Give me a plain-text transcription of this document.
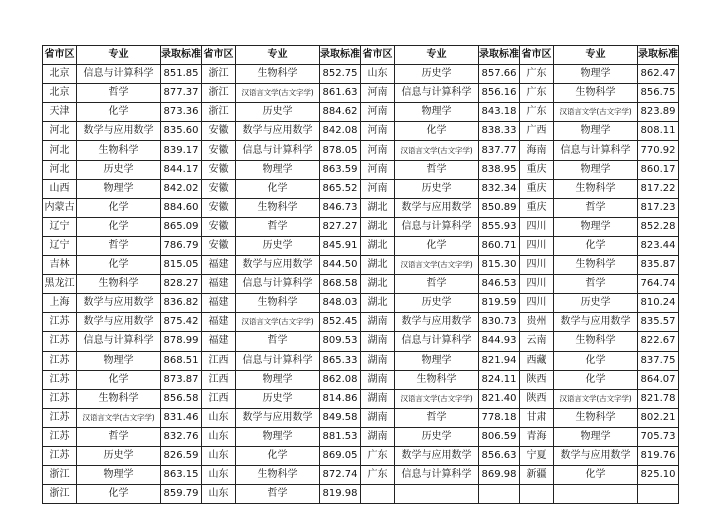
省市区	专业	录取标准	省市区	专业	录取标准	省市区	专业	录取标准	省市区	专业	录取标准
北京	信息与计算科学	851.85	浙江	生物科学	852.75	山东	历史学	857.66	广东	物理学	862.47
北京	哲学	877.37	浙江	汉语言文学(古文字学)	861.63	河南	信息与计算科学	856.16	广东	生物科学	856.75
天津	化学	873.36	浙江	历史学	884.62	河南	物理学	843.18	广东	汉语言文学(古文字学)	823.89
河北	数学与应用数学	835.60	安徽	数学与应用数学	842.08	河南	化学	838.33	广西	物理学	808.11
河北	生物科学	839.17	安徽	信息与计算科学	878.05	河南	汉语言文学(古文字学)	837.77	海南	信息与计算科学	770.92
河北	历史学	844.17	安徽	物理学	863.59	河南	哲学	838.95	重庆	物理学	860.17
山西	物理学	842.02	安徽	化学	865.52	河南	历史学	832.34	重庆	生物科学	817.22
内蒙古	化学	884.60	安徽	生物科学	846.73	湖北	数学与应用数学	850.89	重庆	哲学	817.23
辽宁	化学	865.09	安徽	哲学	827.27	湖北	信息与计算科学	855.93	四川	物理学	852.28
辽宁	哲学	786.79	安徽	历史学	845.91	湖北	化学	860.71	四川	化学	823.44
吉林	化学	815.05	福建	数学与应用数学	844.50	湖北	汉语言文学(古文字学)	815.30	四川	生物科学	835.87
黑龙江	生物科学	828.27	福建	信息与计算科学	868.58	湖北	哲学	846.53	四川	哲学	764.74
上海	数学与应用数学	836.82	福建	生物科学	848.03	湖北	历史学	819.59	四川	历史学	810.24
江苏	数学与应用数学	875.42	福建	汉语言文学(古文字学)	852.45	湖南	数学与应用数学	830.73	贵州	数学与应用数学	835.57
江苏	信息与计算科学	878.99	福建	哲学	809.53	湖南	信息与计算科学	844.93	云南	生物科学	822.67
江苏	物理学	868.51	江西	信息与计算科学	865.33	湖南	物理学	821.94	西藏	化学	837.75
江苏	化学	873.87	江西	物理学	862.08	湖南	生物科学	824.11	陕西	化学	864.07
江苏	生物科学	856.58	江西	历史学	814.86	湖南	汉语言文学(古文字学)	821.40	陕西	汉语言文学(古文字学)	821.78
江苏	汉语言文学(古文字学)	831.46	山东	数学与应用数学	849.58	湖南	哲学	778.18	甘肃	生物科学	802.21
江苏	哲学	832.76	山东	物理学	881.53	湖南	历史学	806.59	青海	物理学	705.73
江苏	历史学	826.59	山东	化学	869.05	广东	数学与应用数学	856.63	宁夏	数学与应用数学	819.76
浙江	物理学	863.15	山东	生物科学	872.74	广东	信息与计算科学	869.98	新疆	化学	825.10
浙江	化学	859.79	山东	哲学	819.98						
